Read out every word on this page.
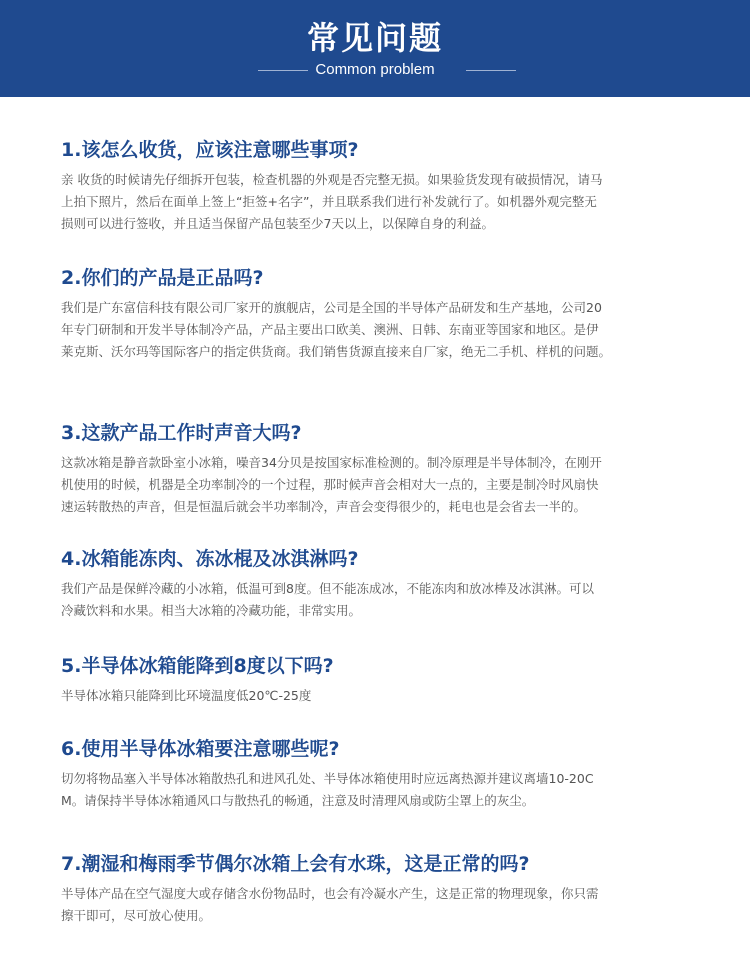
常见问题
Common problem
1.该怎么收货，应该注意哪些事项?
亲 收货的时候请先仔细拆开包装，检查机器的外观是否完整无损。如果验货发现有破损情况，请马
上拍下照片，然后在面单上签上“拒签+名字”，并且联系我们进行补发就行了。如机器外观完整无
损则可以进行签收，并且适当保留产品包装至少7天以上，以保障自身的利益。
2.你们的产品是正品吗?
我们是广东富信科技有限公司厂家开的旗舰店，公司是全国的半导体产品研发和生产基地，公司20
年专门研制和开发半导体制冷产品，产品主要出口欧美、澳洲、日韩、东南亚等国家和地区。是伊
莱克斯、沃尔玛等国际客户的指定供货商。我们销售货源直接来自厂家，绝无二手机、样机的问题。
3.这款产品工作时声音大吗?
这款冰箱是静音款卧室小冰箱，噪音34分贝是按国家标准检测的。制冷原理是半导体制冷，在刚开
机使用的时候，机器是全功率制冷的一个过程，那时候声音会相对大一点的，主要是制冷时风扇快
速运转散热的声音，但是恒温后就会半功率制冷，声音会变得很少的，耗电也是会省去一半的。
4.冰箱能冻肉、冻冰棍及冰淇淋吗?
我们产品是保鲜冷藏的小冰箱，低温可到8度。但不能冻成冰，不能冻肉和放冰棒及冰淇淋。可以
冷藏饮料和水果。相当大冰箱的冷藏功能，非常实用。
5.半导体冰箱能降到8度以下吗?
半导体冰箱只能降到比环境温度低20℃-25度
6.使用半导体冰箱要注意哪些呢?
切勿将物品塞入半导体冰箱散热孔和进风孔处、半导体冰箱使用时应远离热源并建议离墙10-20C
M。请保持半导体冰箱通风口与散热孔的畅通，注意及时清理风扇或防尘罩上的灰尘。
7.潮湿和梅雨季节偶尔冰箱上会有水珠，这是正常的吗?
半导体产品在空气湿度大或存储含水份物品时，也会有冷凝水产生，这是正常的物理现象，你只需
擦干即可，尽可放心使用。
